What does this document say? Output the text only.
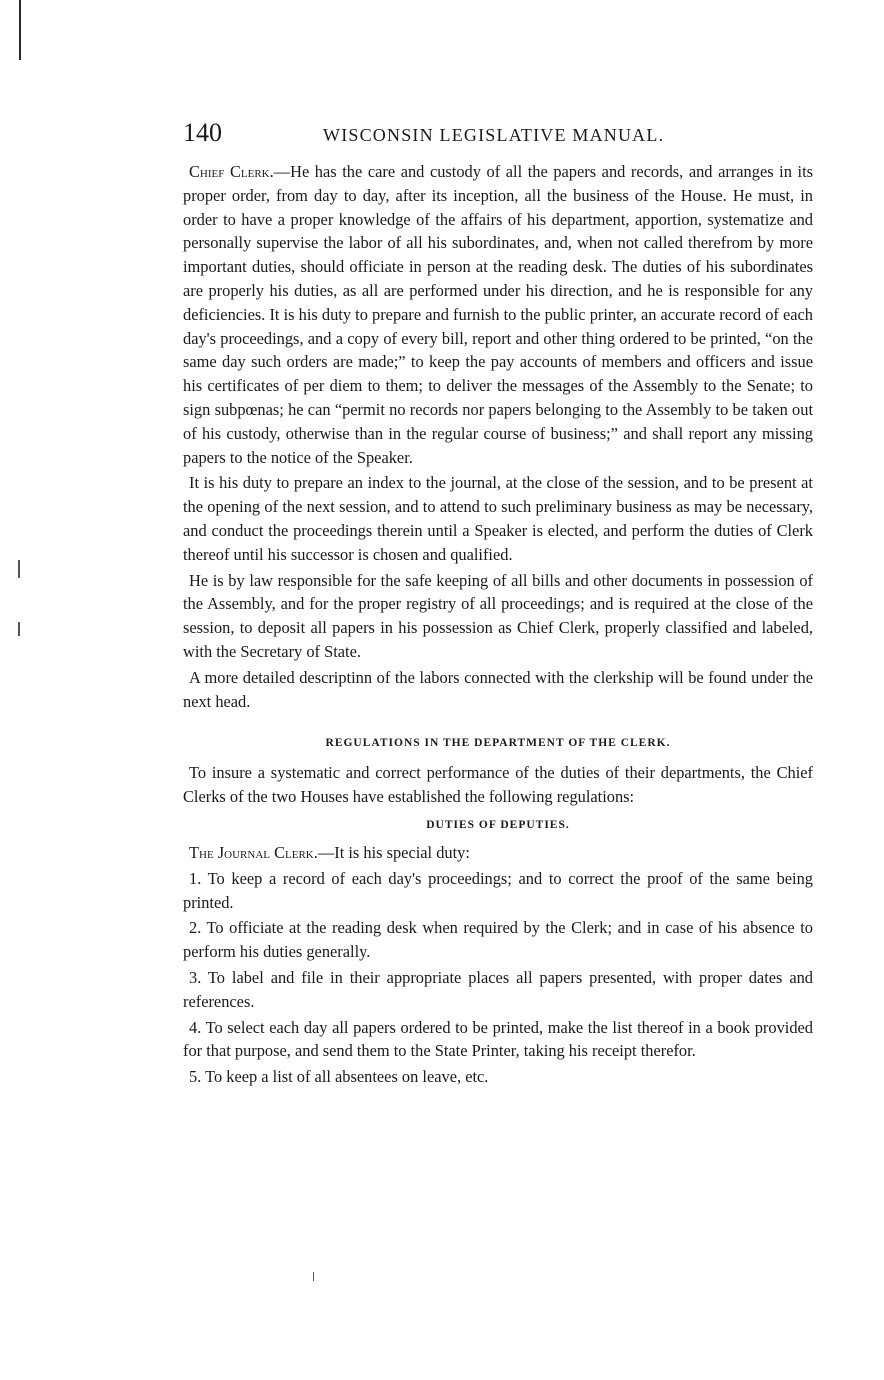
140	WISCONSIN LEGISLATIVE MANUAL.

Chief Clerk.—He has the care and custody of all the papers and records, and arranges in its proper order, from day to day, after its inception, all the business of the House. He must, in order to have a proper knowledge of the affairs of his department, apportion, systematize and personally supervise the labor of all his subordinates, and, when not called therefrom by more important duties, should officiate in person at the reading desk. The duties of his subordinates are properly his duties, as all are performed under his direction, and he is responsible for any deficiencies. It is his duty to prepare and furnish to the public printer, an accurate record of each day's proceedings, and a copy of every bill, report and other thing ordered to be printed, “on the same day such orders are made;” to keep the pay accounts of members and officers and issue his certificates of per diem to them; to deliver the messages of the Assembly to the Senate; to sign subpœnas; he can “permit no records nor papers belonging to the Assembly to be taken out of his custody, otherwise than in the regular course of business;” and shall report any missing papers to the notice of the Speaker.

It is his duty to prepare an index to the journal, at the close of the session, and to be present at the opening of the next session, and to attend to such preliminary business as may be necessary, and conduct the proceedings therein until a Speaker is elected, and perform the duties of Clerk thereof until his successor is chosen and qualified.

He is by law responsible for the safe keeping of all bills and other documents in possession of the Assembly, and for the proper registry of all proceedings; and is required at the close of the session, to deposit all papers in his possession as Chief Clerk, properly classified and labeled, with the Secretary of State.

A more detailed descriptinn of the labors connected with the clerkship will be found under the next head.

REGULATIONS IN THE DEPARTMENT OF THE CLERK.

To insure a systematic and correct performance of the duties of their departments, the Chief Clerks of the two Houses have established the following regulations:

DUTIES OF DEPUTIES.

The Journal Clerk.—It is his special duty:

1. To keep a record of each day's proceedings; and to correct the proof of the same being printed.

2. To officiate at the reading desk when required by the Clerk; and in case of his absence to perform his duties generally.

3. To label and file in their appropriate places all papers presented, with proper dates and references.

4. To select each day all papers ordered to be printed, make the list thereof in a book provided for that purpose, and send them to the State Printer, taking his receipt therefor.

5. To keep a list of all absentees on leave, etc.
